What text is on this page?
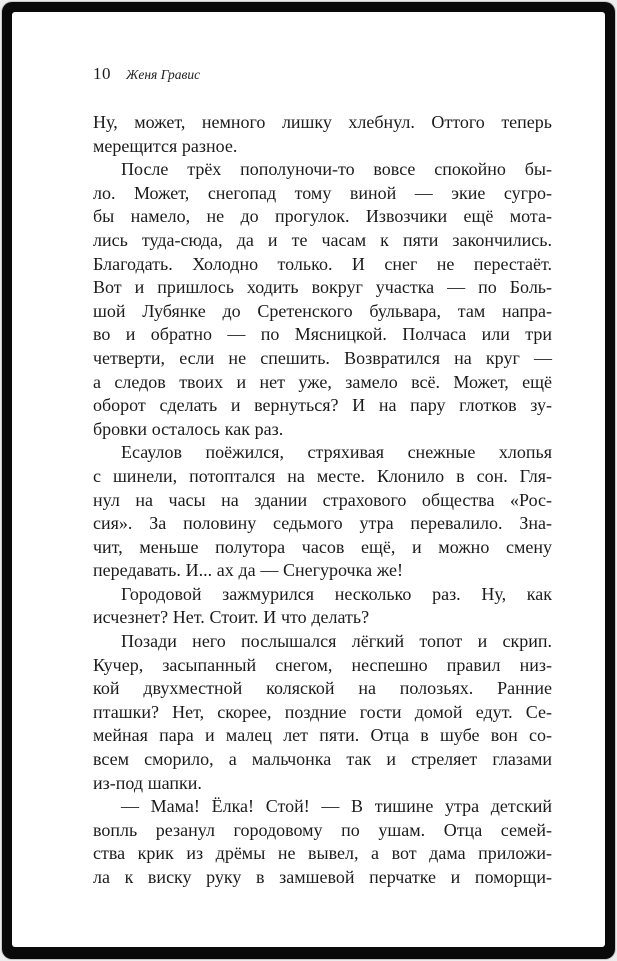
10 Женя Гравис
Ну, может, немного лишку хлебнул. Оттого теперь
мерещится разное.
После трёх пополуночи-то вовсе спокойно бы-
ло. Может, снегопад тому виной — экие сугро-
бы намело, не до прогулок. Извозчики ещё мота-
лись туда-сюда, да и те часам к пяти закончились.
Благодать. Холодно только. И снег не перестаёт.
Вот и пришлось ходить вокруг участка — по Боль-
шой Лубянке до Сретенского бульвара, там напра-
во и обратно — по Мясницкой. Полчаса или три
четверти, если не спешить. Возвратился на круг —
а следов твоих и нет уже, замело всё. Может, ещё
оборот сделать и вернуться? И на пару глотков зу-
бровки осталось как раз.
Есаулов поёжился, стряхивая снежные хлопья
с шинели, потоптался на месте. Клонило в сон. Гля-
нул на часы на здании страхового общества «Рос-
сия». За половину седьмого утра перевалило. Зна-
чит, меньше полутора часов ещё, и можно смену
передавать. И... ах да — Снегурочка же!
Городовой зажмурился несколько раз. Ну, как
исчезнет? Нет. Стоит. И что делать?
Позади него послышался лёгкий топот и скрип.
Кучер, засыпанный снегом, неспешно правил низ-
кой двухместной коляской на полозьях. Ранние
пташки? Нет, скорее, поздние гости домой едут. Се-
мейная пара и малец лет пяти. Отца в шубе вон со-
всем сморило, а мальчонка так и стреляет глазами
из-под шапки.
— Мама! Ёлка! Стой! — В тишине утра детский
вопль резанул городовому по ушам. Отца семей-
ства крик из дрёмы не вывел, а вот дама приложи-
ла к виску руку в замшевой перчатке и поморщи-
